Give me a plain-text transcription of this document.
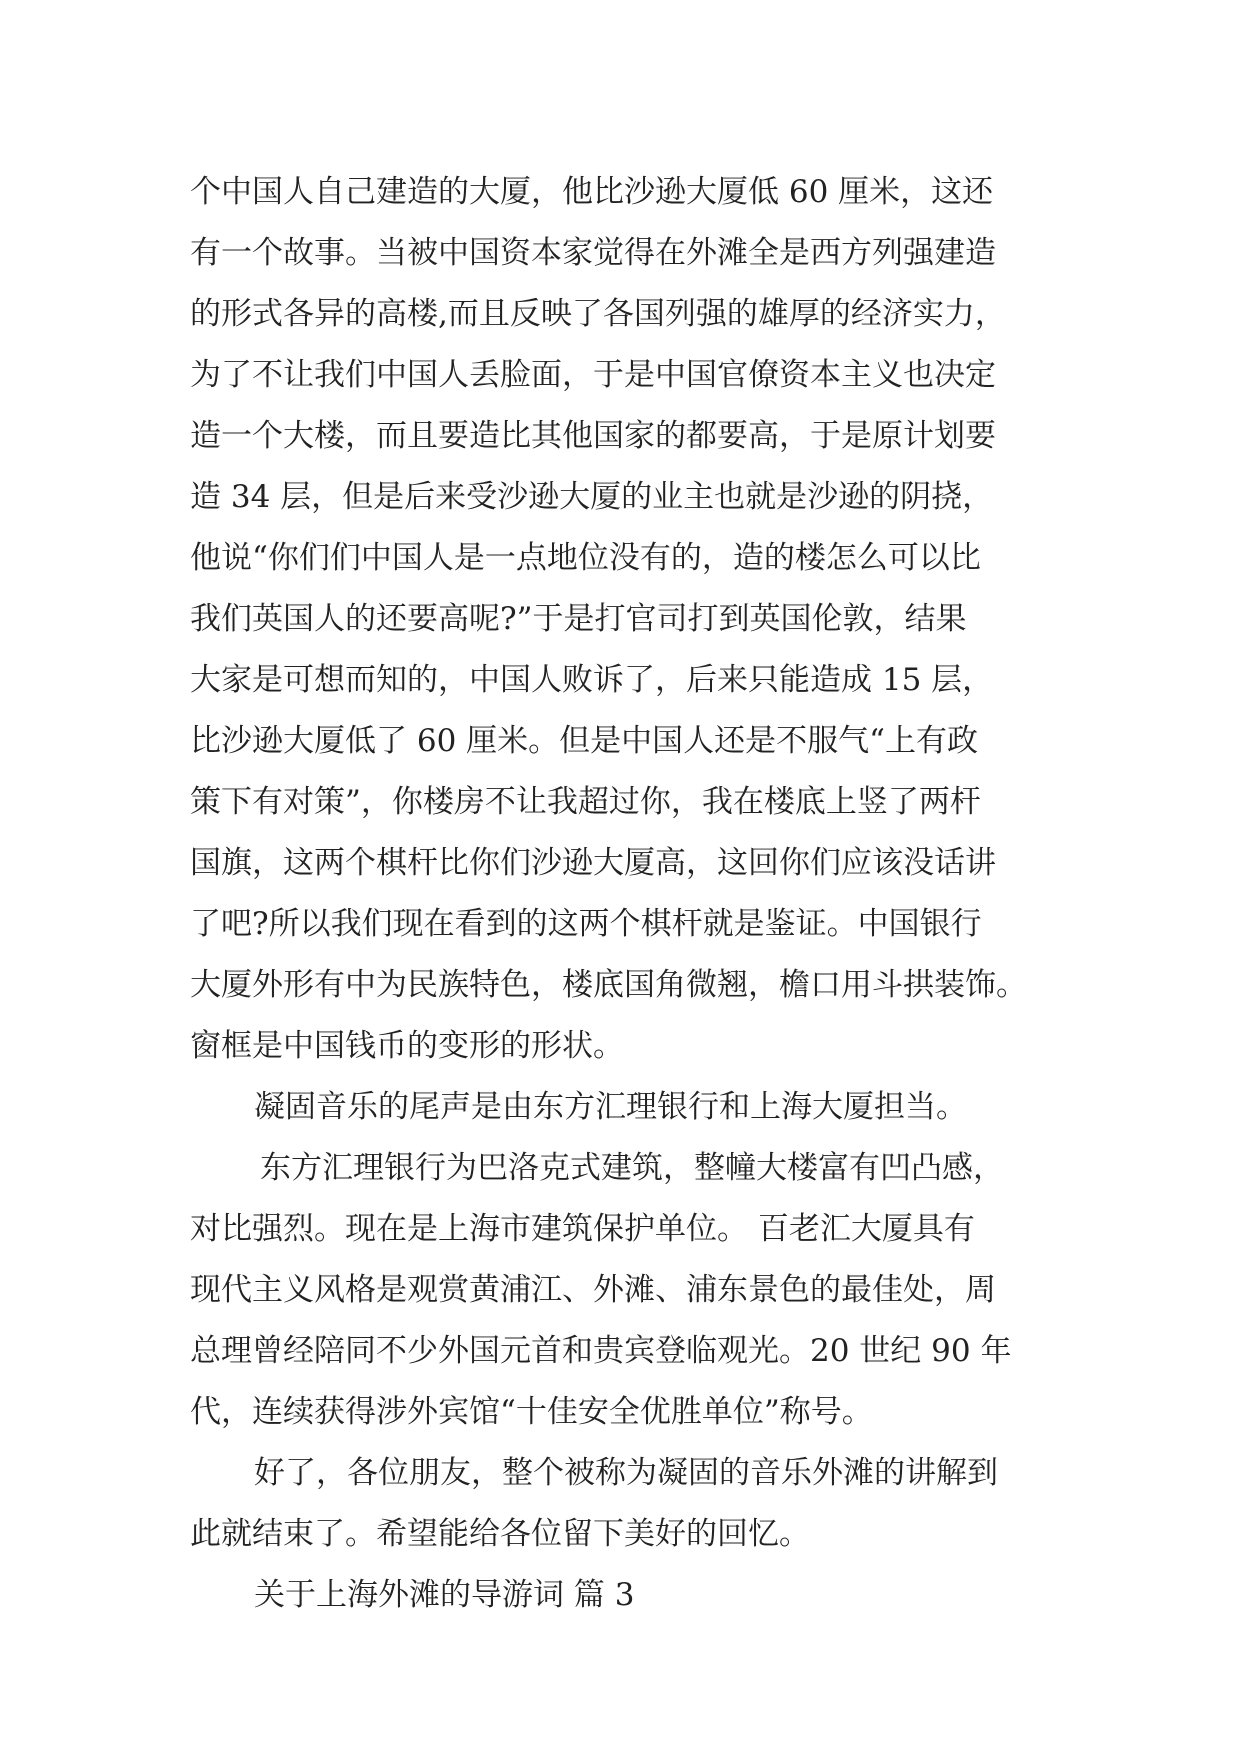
个中国人自己建造的大厦，他比沙逊大厦低 60 厘米，这还
有一个故事。当被中国资本家觉得在外滩全是西方列强建造
的形式各异的高楼,而且反映了各国列强的雄厚的经济实力，
为了不让我们中国人丢脸面，于是中国官僚资本主义也决定
造一个大楼，而且要造比其他国家的都要高，于是原计划要
造 34 层，但是后来受沙逊大厦的业主也就是沙逊的阴挠，
他说“你们们中国人是一点地位没有的，造的楼怎么可以比
我们英国人的还要高呢?”于是打官司打到英国伦敦，结果
大家是可想而知的，中国人败诉了，后来只能造成 15 层，
比沙逊大厦低了 60 厘米。但是中国人还是不服气“上有政
策下有对策”，你楼房不让我超过你，我在楼底上竖了两杆
国旗，这两个棋杆比你们沙逊大厦高，这回你们应该没话讲
了吧?所以我们现在看到的这两个棋杆就是鉴证。中国银行
大厦外形有中为民族特色，楼底国角微翘，檐口用斗拱装饰。
窗框是中国钱币的变形的形状。
凝固音乐的尾声是由东方汇理银行和上海大厦担当。
东方汇理银行为巴洛克式建筑，整幢大楼富有凹凸感，
对比强烈。现在是上海市建筑保护单位。 百老汇大厦具有
现代主义风格是观赏黄浦江、外滩、浦东景色的最佳处，周
总理曾经陪同不少外国元首和贵宾登临观光。20 世纪 90 年
代，连续获得涉外宾馆“十佳安全优胜单位”称号。
好了，各位朋友，整个被称为凝固的音乐外滩的讲解到
此就结束了。希望能给各位留下美好的回忆。
关于上海外滩的导游词 篇 3
